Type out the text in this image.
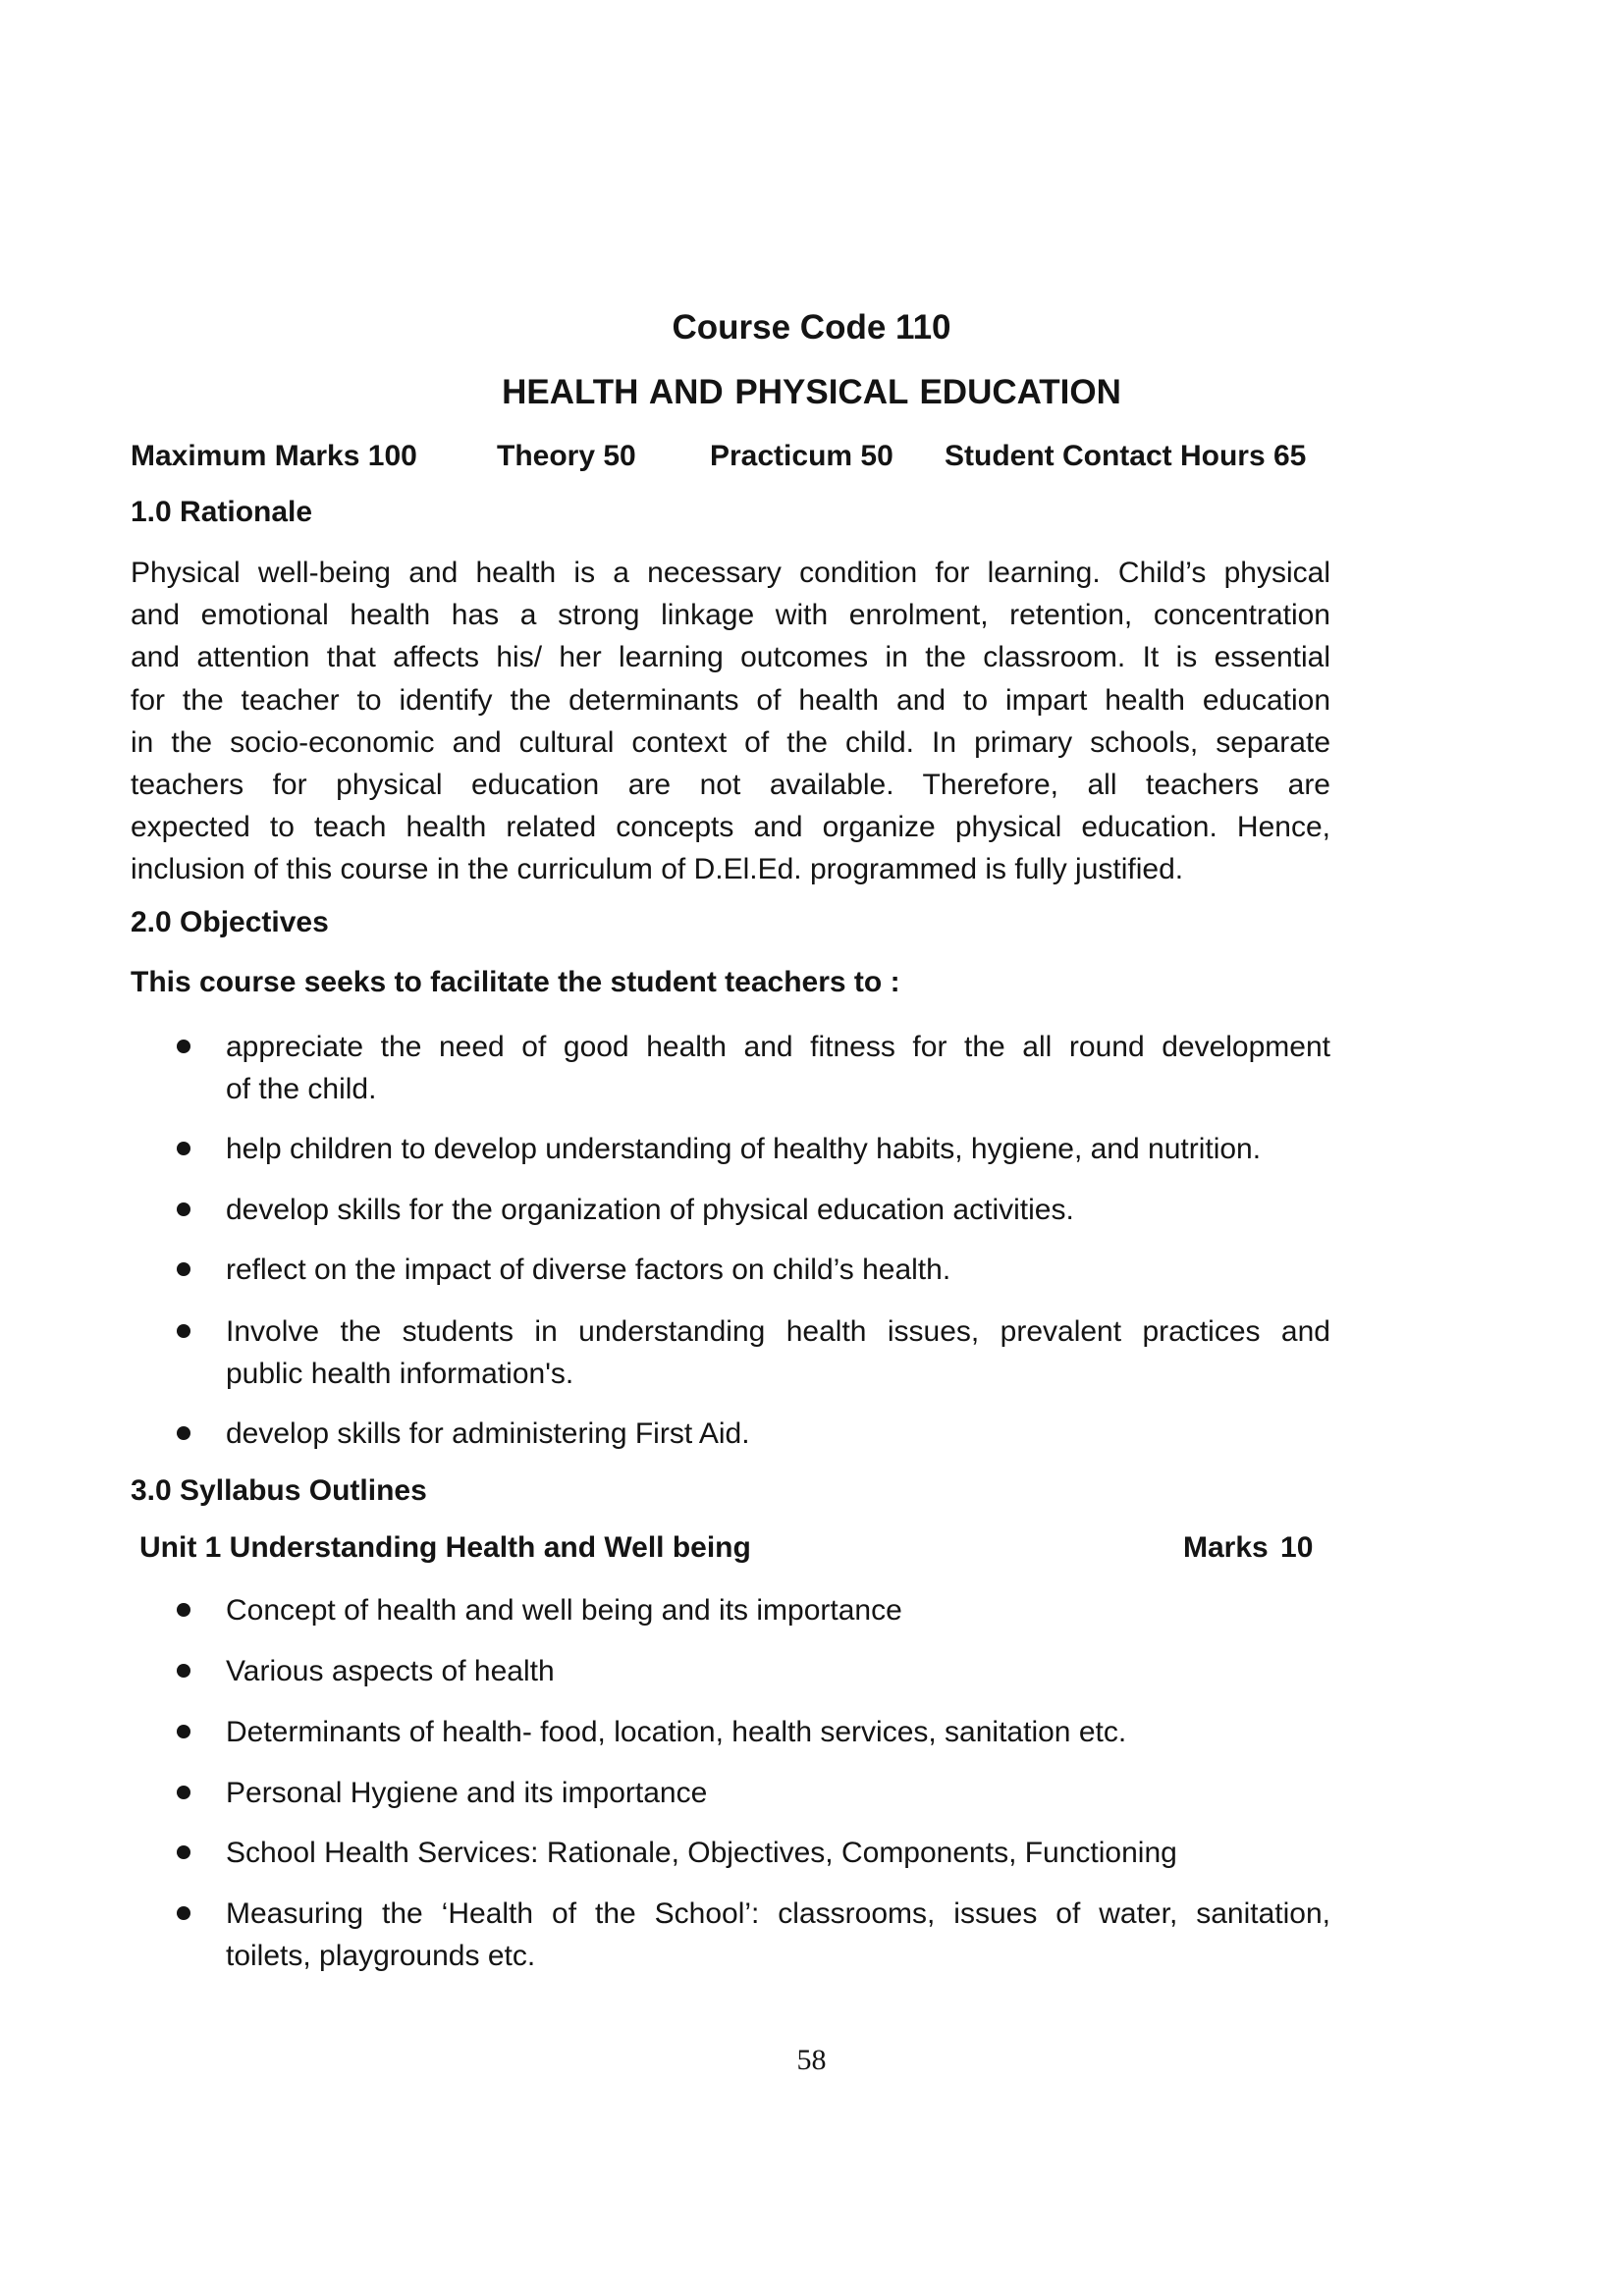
Course Code 110
HEALTH AND PHYSICAL EDUCATION
Maximum Marks 100	Theory 50	Practicum 50 Student Contact Hours 65
1.0 Rationale
Physical well-being and health is a necessary condition for learning. Child’s physical
and emotional health has a strong linkage with enrolment, retention, concentration
and attention that affects his/ her learning outcomes in the classroom. It is essential
for the teacher to identify the determinants of health and to impart health education
in the socio-economic and cultural context of the child. In primary schools, separate
teachers for physical education are not available. Therefore, all teachers are
expected to teach health related concepts and organize physical education. Hence,
inclusion of this course in the curriculum of D.El.Ed. programmed is fully justified.
2.0 Objectives
This course seeks to facilitate the student teachers to :
appreciate the need of good health and fitness for the all round development
of the child.
help children to develop understanding of healthy habits, hygiene, and nutrition.
develop skills for the organization of physical education activities.
reflect on the impact of diverse factors on child’s health.
Involve the students in understanding health issues, prevalent practices and
public health information's.
develop skills for administering First Aid.
3.0 Syllabus Outlines
Unit 1 Understanding Health and Well being	Marks 10
Concept of health and well being and its importance
Various aspects of health
Determinants of health- food, location, health services, sanitation etc.
Personal Hygiene and its importance
School Health Services: Rationale, Objectives, Components, Functioning
Measuring the ‘Health of the School’: classrooms, issues of water, sanitation,
toilets, playgrounds etc.
58
